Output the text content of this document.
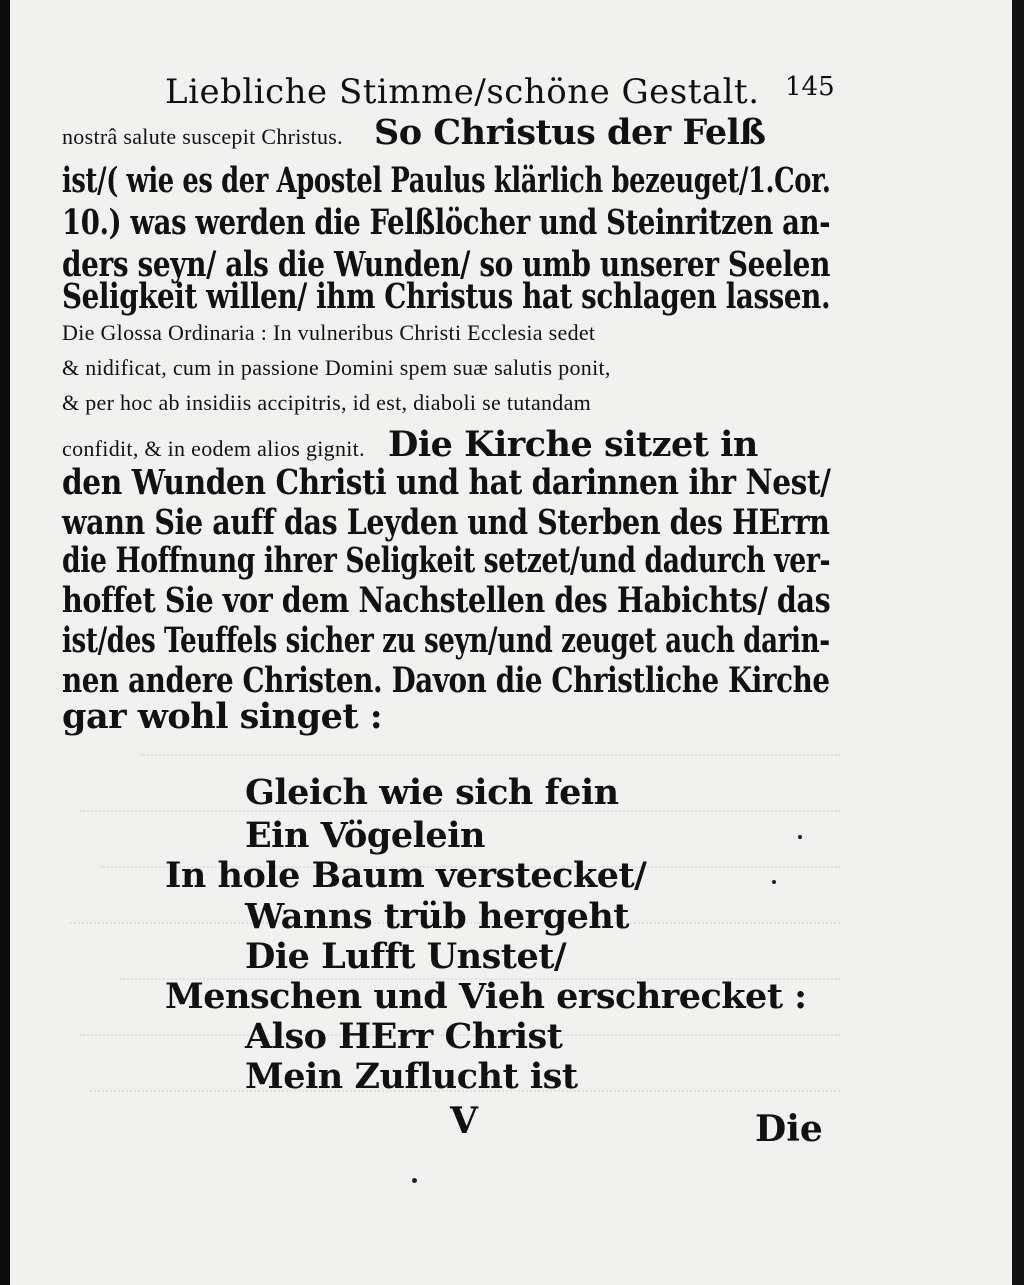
Liebliche Stimme/schöne Gestalt. 145
nostrâ salute suscepit Christus. So Christus der Felß
ist/( wie es der Apostel Paulus klärlich bezeuget/1.Cor.
10.) was werden die Felßlöcher und Steinritzen an-
ders seyn/ als die Wunden/ so umb unserer Seelen
Seligkeit willen/ ihm Christus hat schlagen lassen.
Die Glossa Ordinaria : In vulneribus Christi Ecclesia sedet
& nidificat, cum in passione Domini spem suæ salutis ponit,
& per hoc ab insidiis accipitris, id est, diaboli se tutandam
confidit, & in eodem alios gignit. Die Kirche sitzet in
den Wunden Christi und hat darinnen ihr Nest/
wann Sie auff das Leyden und Sterben des HErrn
die Hoffnung ihrer Seligkeit setzet/und dadurch ver-
hoffet Sie vor dem Nachstellen des Habichts/ das
ist/des Teuffels sicher zu seyn/und zeuget auch darin-
nen andere Christen. Davon die Christliche Kirche
gar wohl singet :
Gleich wie sich fein
Ein Vögelein
In hole Baum verstecket/
Wanns trüb hergeht
Die Lufft Unstet/
Menschen und Vieh erschrecket :
Also HErr Christ
Mein Zuflucht ist
V	Die
